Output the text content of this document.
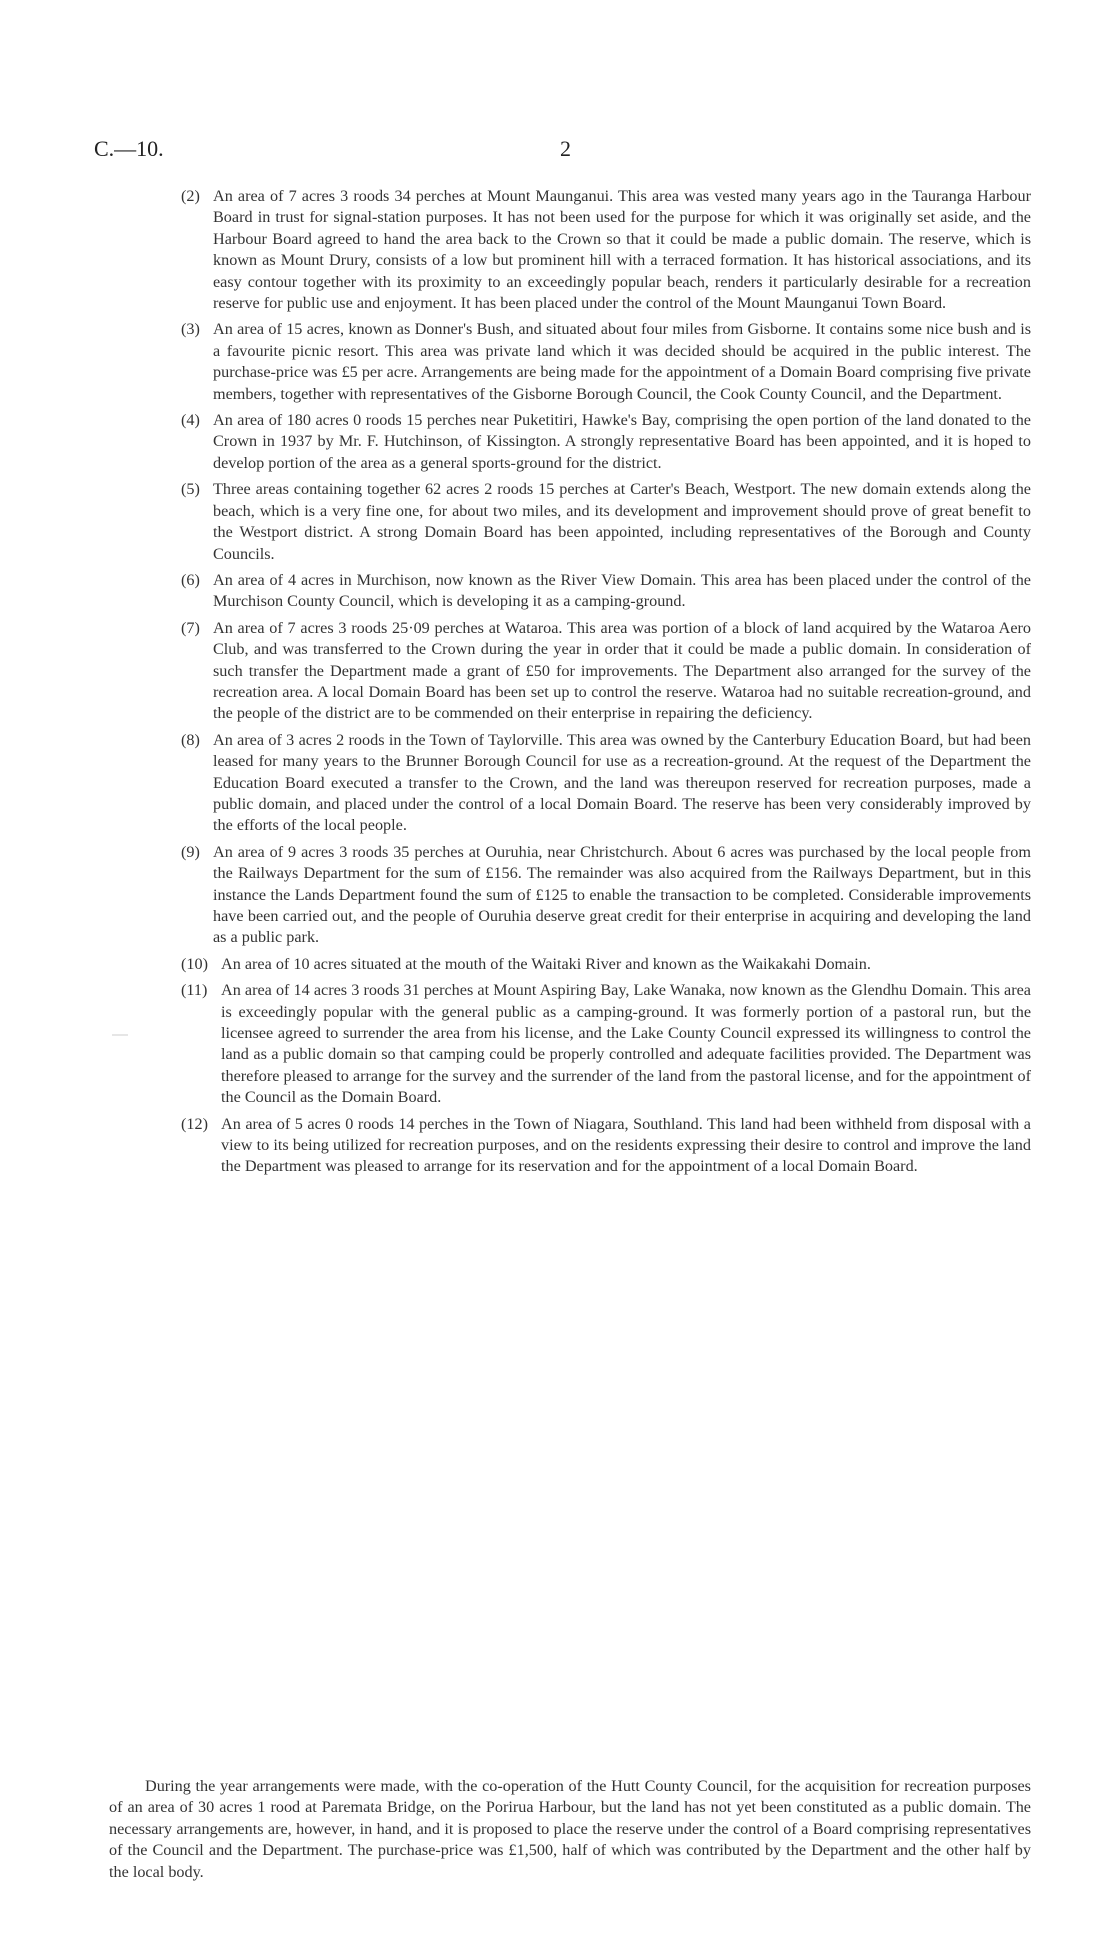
C.—10.	2
(2) An area of 7 acres 3 roods 34 perches at Mount Maunganui. This area was vested many years ago in the Tauranga Harbour Board in trust for signal-station purposes. It has not been used for the purpose for which it was originally set aside, and the Harbour Board agreed to hand the area back to the Crown so that it could be made a public domain. The reserve, which is known as Mount Drury, consists of a low but prominent hill with a terraced formation. It has historical associations, and its easy contour together with its proximity to an exceedingly popular beach, renders it particularly desirable for a recreation reserve for public use and enjoyment. It has been placed under the control of the Mount Maunganui Town Board.
(3) An area of 15 acres, known as Donner's Bush, and situated about four miles from Gisborne. It contains some nice bush and is a favourite picnic resort. This area was private land which it was decided should be acquired in the public interest. The purchase-price was £5 per acre. Arrangements are being made for the appointment of a Domain Board comprising five private members, together with representatives of the Gisborne Borough Council, the Cook County Council, and the Department.
(4) An area of 180 acres 0 roods 15 perches near Puketitiri, Hawke's Bay, comprising the open portion of the land donated to the Crown in 1937 by Mr. F. Hutchinson, of Kissington. A strongly representative Board has been appointed, and it is hoped to develop portion of the area as a general sports-ground for the district.
(5) Three areas containing together 62 acres 2 roods 15 perches at Carter's Beach, Westport. The new domain extends along the beach, which is a very fine one, for about two miles, and its development and improvement should prove of great benefit to the Westport district. A strong Domain Board has been appointed, including representatives of the Borough and County Councils.
(6) An area of 4 acres in Murchison, now known as the River View Domain. This area has been placed under the control of the Murchison County Council, which is developing it as a camping-ground.
(7) An area of 7 acres 3 roods 25·09 perches at Wataroa. This area was portion of a block of land acquired by the Wataroa Aero Club, and was transferred to the Crown during the year in order that it could be made a public domain. In consideration of such transfer the Department made a grant of £50 for improvements. The Department also arranged for the survey of the recreation area. A local Domain Board has been set up to control the reserve. Wataroa had no suitable recreation-ground, and the people of the district are to be commended on their enterprise in repairing the deficiency.
(8) An area of 3 acres 2 roods in the Town of Taylorville. This area was owned by the Canterbury Education Board, but had been leased for many years to the Brunner Borough Council for use as a recreation-ground. At the request of the Department the Education Board executed a transfer to the Crown, and the land was thereupon reserved for recreation purposes, made a public domain, and placed under the control of a local Domain Board. The reserve has been very considerably improved by the efforts of the local people.
(9) An area of 9 acres 3 roods 35 perches at Ouruhia, near Christchurch. About 6 acres was purchased by the local people from the Railways Department for the sum of £156. The remainder was also acquired from the Railways Department, but in this instance the Lands Department found the sum of £125 to enable the transaction to be completed. Considerable improvements have been carried out, and the people of Ouruhia deserve great credit for their enterprise in acquiring and developing the land as a public park.
(10) An area of 10 acres situated at the mouth of the Waitaki River and known as the Waikakahi Domain.
(11) An area of 14 acres 3 roods 31 perches at Mount Aspiring Bay, Lake Wanaka, now known as the Glendhu Domain. This area is exceedingly popular with the general public as a camping-ground. It was formerly portion of a pastoral run, but the licensee agreed to surrender the area from his license, and the Lake County Council expressed its willingness to control the land as a public domain so that camping could be properly controlled and adequate facilities provided. The Department was therefore pleased to arrange for the survey and the surrender of the land from the pastoral license, and for the appointment of the Council as the Domain Board.
(12) An area of 5 acres 0 roods 14 perches in the Town of Niagara, Southland. This land had been withheld from disposal with a view to its being utilized for recreation purposes, and on the residents expressing their desire to control and improve the land the Department was pleased to arrange for its reservation and for the appointment of a local Domain Board.
During the year arrangements were made, with the co-operation of the Hutt County Council, for the acquisition for recreation purposes of an area of 30 acres 1 rood at Paremata Bridge, on the Porirua Harbour, but the land has not yet been constituted as a public domain. The necessary arrangements are, however, in hand, and it is proposed to place the reserve under the control of a Board comprising representatives of the Council and the Department. The purchase-price was £1,500, half of which was contributed by the Department and the other half by the local body.
